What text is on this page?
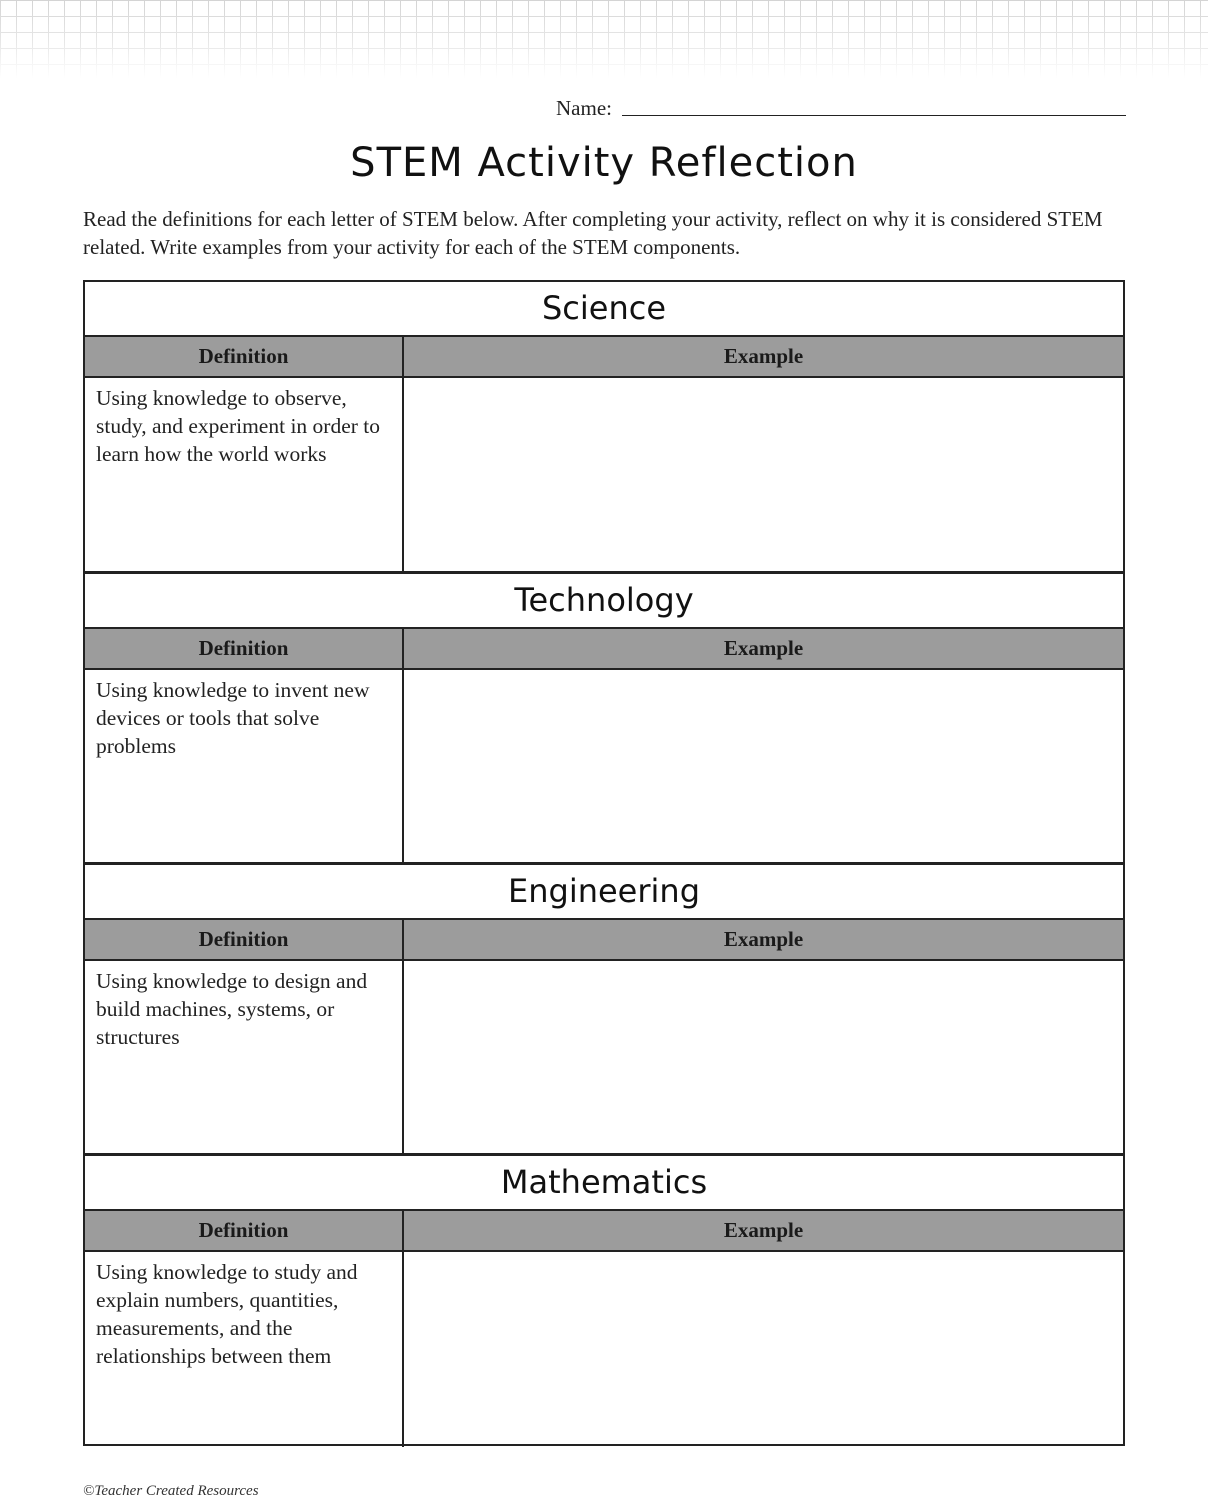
Name:
STEM Activity Reflection
Read the definitions for each letter of STEM below. After completing your activity, reflect on why it is considered STEM related. Write examples from your activity for each of the STEM components.
Science
Definition	Example
Using knowledge to observe, study, and experiment in order to learn how the world works
Technology
Definition	Example
Using knowledge to invent new devices or tools that solve problems
Engineering
Definition	Example
Using knowledge to design and build machines, systems, or structures
Mathematics
Definition	Example
Using knowledge to study and explain numbers, quantities, measurements, and the relationships between them
©Teacher Created Resources
